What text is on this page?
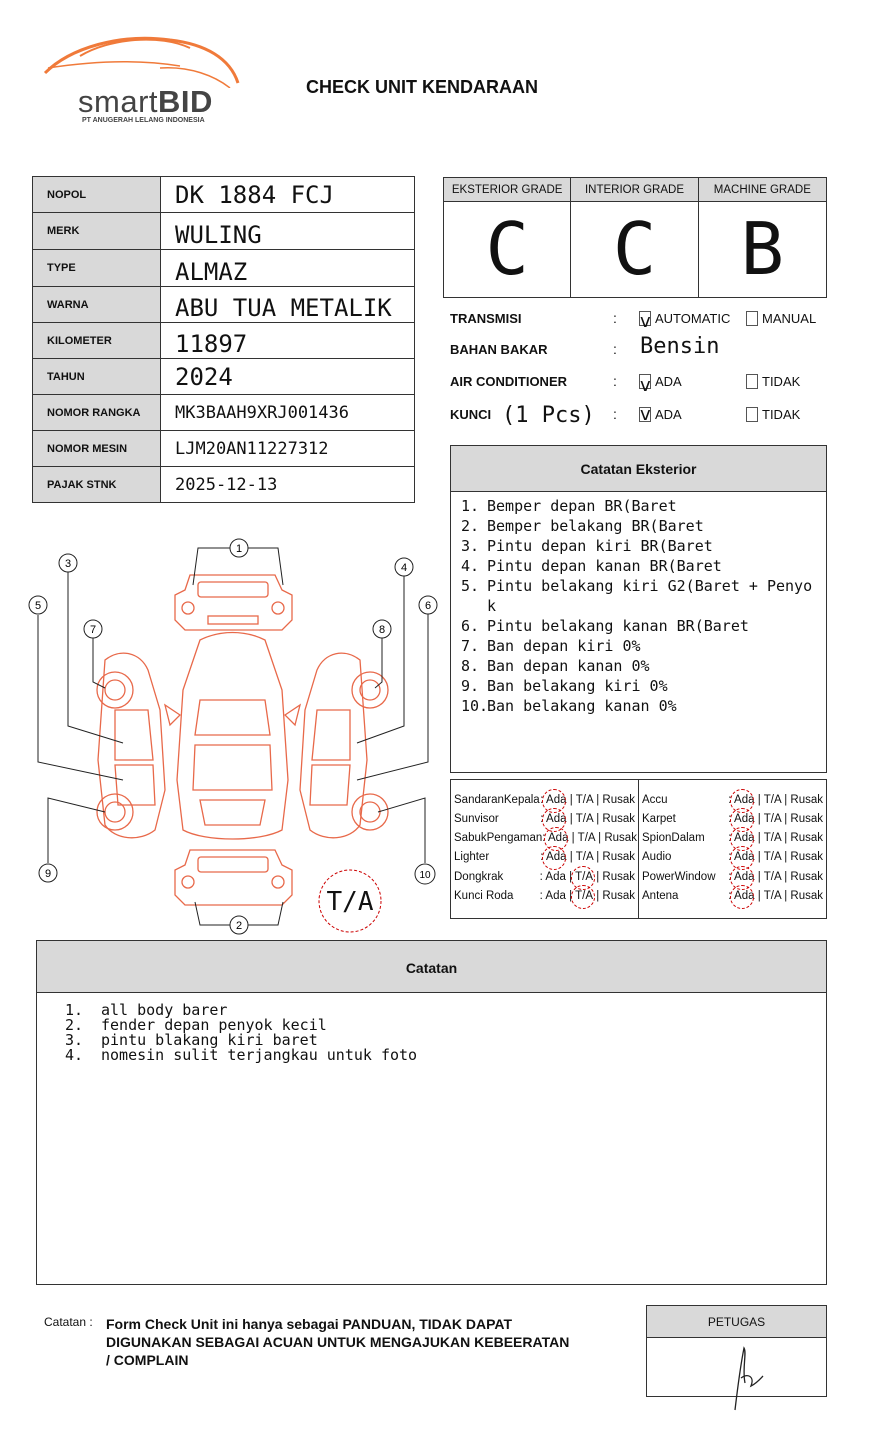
smartBID
PT ANUGERAH LELANG INDONESIA
CHECK UNIT KENDARAAN
NOPOL	DK 1884 FCJ
MERK	WULING
TYPE	ALMAZ
WARNA	ABU TUA METALIK
KILOMETER	11897
TAHUN	2024
NOMOR RANGKA	MK3BAAH9XRJ001436
NOMOR MESIN	LJM20AN11227312
PAJAK STNK	2025-12-13
EKSTERIOR GRADE	INTERIOR GRADE	MACHINE GRADE
C	C	B
TRANSMISI	: v AUTOMATIC MANUAL
BAHAN BAKAR	: Bensin
AIR CONDITIONER	: v ADA	TIDAK
KUNCI (1 Pcs) : v ADA	TIDAK
Catatan Eksterior
1. Bemper depan BR(Baret
2. Bemper belakang BR(Baret
3. Pintu depan kiri BR(Baret
4. Pintu depan kanan BR(Baret
5. Pintu belakang kiri G2(Baret + Penyok
6. Pintu belakang kanan BR(Baret
7. Ban depan kiri 0%
8. Ban depan kanan 0%
9. Ban belakang kiri 0%
10.
Ban belakang kanan 0%
SandaranKepala : Ada | T/A | Rusak
Sunvisor	: Ada | T/A | Rusak
SabukPengaman : Ada | T/A | Rusak
Lighter	: Ada | T/A | Rusak
Dongkrak	: Ada | T/A | Rusak
Kunci Roda	: Ada | T/A | Rusak
Accu	: Ada | T/A | Rusak
Karpet	: Ada | T/A | Rusak
SpionDalam	: Ada | T/A | Rusak
Audio	: Ada | T/A | Rusak
PowerWindow	: Ada | T/A | Rusak
Antena	: Ada | T/A | Rusak
1
2
3	4
5	6
7	8
9	10
T/A
Catatan
1.	all body barer
2.	fender depan penyok kecil
3.	pintu blakang kiri baret
4.	nomesin sulit terjangkau untuk foto
Catatan : Form Check Unit ini hanya sebagai PANDUAN, TIDAK DAPAT DIGUNAKAN SEBAGAI ACUAN UNTUK MENGAJUKAN KEBEERATAN / COMPLAIN
PETUGAS
